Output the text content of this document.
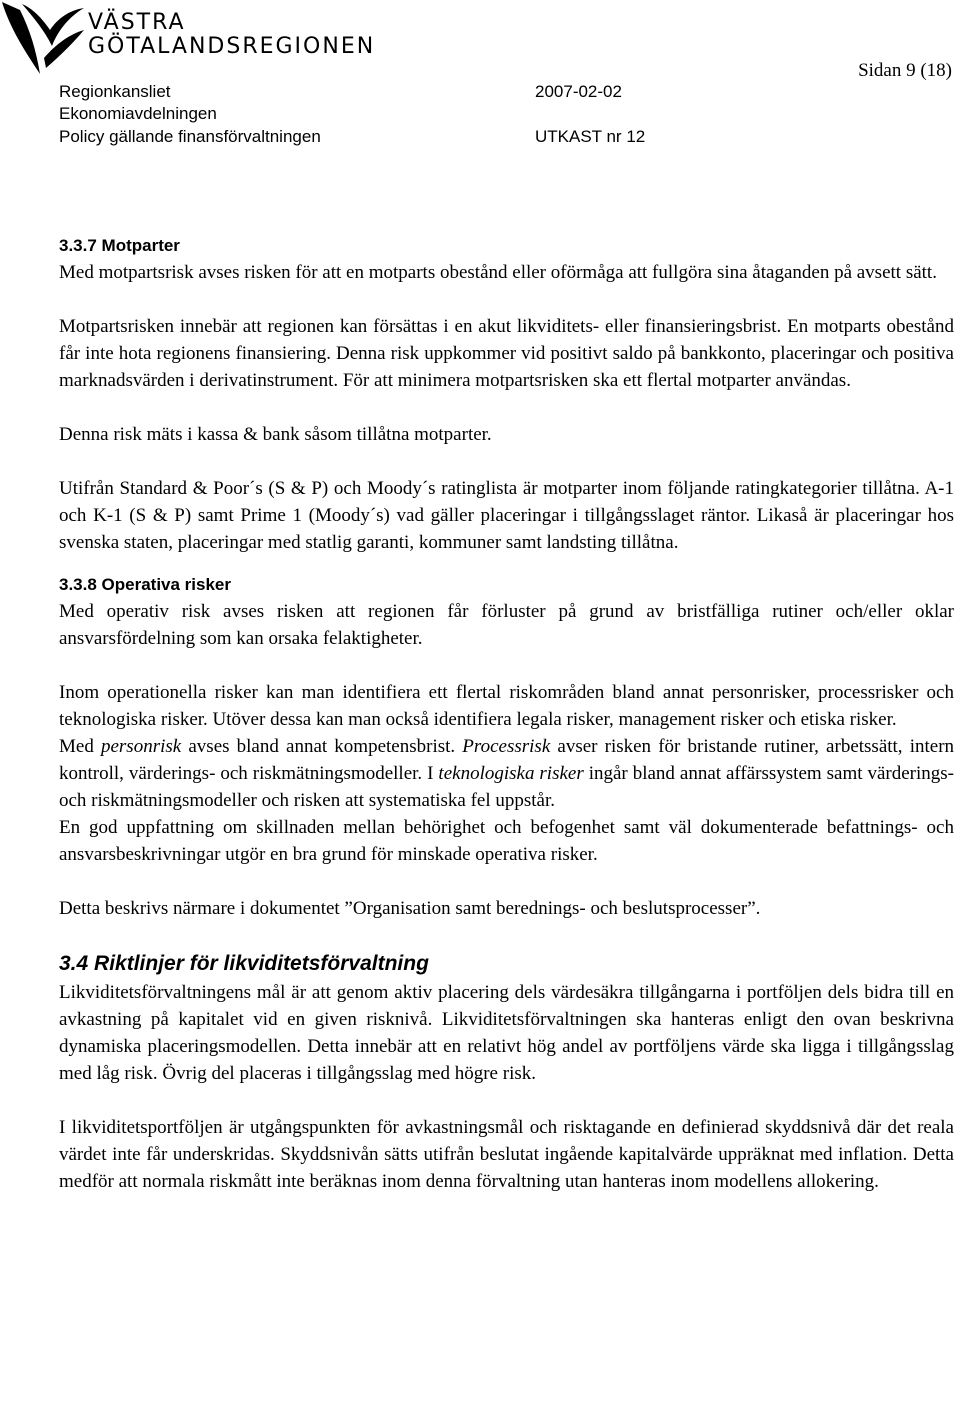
VÄSTRA
GÖTALANDSREGIONEN
Regionkansliet
Ekonomiavdelningen
Policy gällande finansförvaltningen
2007-02-02
UTKAST nr 12
Sidan 9 (18)
3.3.7 Motparter

Med motpartsrisk avses risken för att en motparts obestånd eller oförmåga att fullgöra sina åtaganden på avsett sätt.

Motpartsrisken innebär att regionen kan försättas i en akut likviditets- eller finansieringsbrist. En motparts obestånd får inte hota regionens finansiering. Denna risk uppkommer vid positivt saldo på bankkonto, placeringar och positiva marknadsvärden i derivatinstrument. För att minimera motpartsrisken ska ett flertal motparter användas.

Denna risk mäts i kassa & bank såsom tillåtna motparter.

Utifrån Standard & Poor´s (S & P) och Moody´s ratinglista är motparter inom följande ratingkategorier tillåtna. A-1 och K-1 (S & P) samt Prime 1 (Moody´s) vad gäller placeringar i tillgångsslaget räntor. Likaså är placeringar hos svenska staten, placeringar med statlig garanti, kommuner samt landsting tillåtna.

3.3.8 Operativa risker

Med operativ risk avses risken att regionen får förluster på grund av bristfälliga rutiner och/eller oklar ansvarsfördelning som kan orsaka felaktigheter.

Inom operationella risker kan man identifiera ett flertal riskområden bland annat personrisker, processrisker och teknologiska risker. Utöver dessa kan man också identifiera legala risker, management risker och etiska risker.

Med personrisk avses bland annat kompetensbrist. Processrisk avser risken för bristande rutiner, arbetssätt, intern kontroll, värderings- och riskmätningsmodeller. I teknologiska risker ingår bland annat affärssystem samt värderings- och riskmätningsmodeller och risken att systematiska fel uppstår.

En god uppfattning om skillnaden mellan behörighet och befogenhet samt väl dokumenterade befattnings- och ansvarsbeskrivningar utgör en bra grund för minskade operativa risker.

Detta beskrivs närmare i dokumentet ”Organisation samt berednings- och beslutsprocesser”.

3.4 Riktlinjer för likviditetsförvaltning

Likviditetsförvaltningens mål är att genom aktiv placering dels värdesäkra tillgångarna i portföljen dels bidra till en avkastning på kapitalet vid en given risknivå. Likviditetsförvaltningen ska hanteras enligt den ovan beskrivna dynamiska placeringsmodellen. Detta innebär att en relativt hög andel av portföljens värde ska ligga i tillgångsslag med låg risk. Övrig del placeras i tillgångsslag med högre risk.

I likviditetsportföljen är utgångspunkten för avkastningsmål och risktagande en definierad skyddsnivå där det reala värdet inte får underskridas. Skyddsnivån sätts utifrån beslutat ingående kapitalvärde uppräknat med inflation. Detta medför att normala riskmått inte beräknas inom denna förvaltning utan hanteras inom modellens allokering.
